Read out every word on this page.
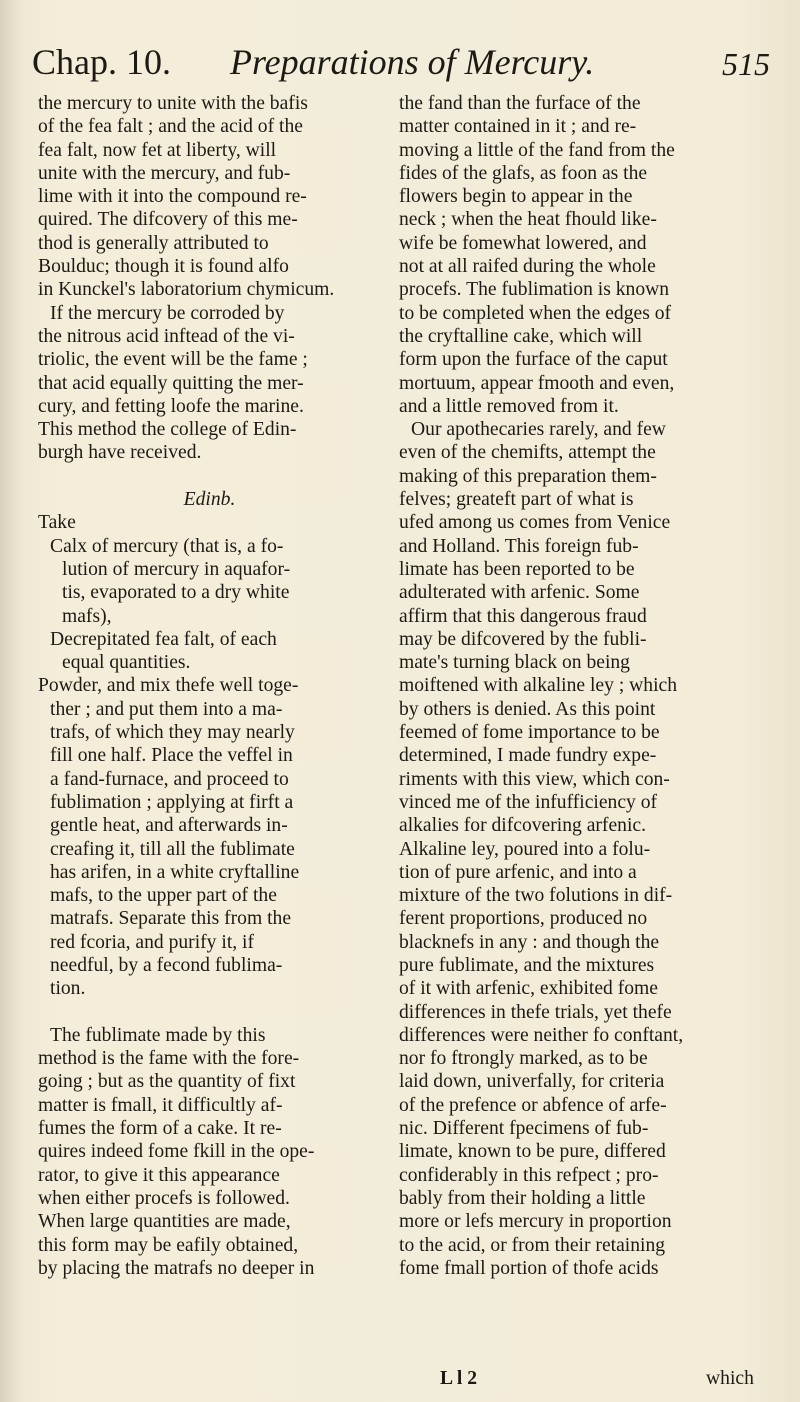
Chap. 10. Preparations of Mercury.	515
the mercury to unite with the bafis
of the fea falt ; and the acid of the
fea falt, now fet at liberty, will
unite with the mercury, and fub-
lime with it into the compound re-
quired. The difcovery of this me-
thod is generally attributed to
Boulduc; though it is found alfo
in Kunckel's laboratorium chymicum.
If the mercury be corroded by
the nitrous acid inftead of the vi-
triolic, the event will be the fame ;
that acid equally quitting the mer-
cury, and fetting loofe the marine.
This method the college of Edin-
burgh have received.
Edinb.
Take
Calx of mercury (that is, a fo-
lution of mercury in aquafor-
tis, evaporated to a dry white
mafs),
Decrepitated fea falt, of each
equal quantities.
Powder, and mix thefe well toge-
ther ; and put them into a ma-
trafs, of which they may nearly
fill one half. Place the veffel in
a fand-furnace, and proceed to
fublimation ; applying at firft a
gentle heat, and afterwards in-
creafing it, till all the fublimate
has arifen, in a white cryftalline
mafs, to the upper part of the
matrafs. Separate this from the
red fcoria, and purify it, if
needful, by a fecond fublima-
tion.
The fublimate made by this
method is the fame with the fore-
going ; but as the quantity of fixt
matter is fmall, it difficultly af-
fumes the form of a cake. It re-
quires indeed fome fkill in the ope-
rator, to give it this appearance
when either procefs is followed.
When large quantities are made,
this form may be eafily obtained,
by placing the matrafs no deeper in
the fand than the furface of the
matter contained in it ; and re-
moving a little of the fand from the
fides of the glafs, as foon as the
flowers begin to appear in the
neck ; when the heat fhould like-
wife be fomewhat lowered, and
not at all raifed during the whole
procefs. The fublimation is known
to be completed when the edges of
the cryftalline cake, which will
form upon the furface of the caput
mortuum, appear fmooth and even,
and a little removed from it.
Our apothecaries rarely, and few
even of the chemifts, attempt the
making of this preparation them-
felves; greateft part of what is
ufed among us comes from Venice
and Holland. This foreign fub-
limate has been reported to be
adulterated with arfenic. Some
affirm that this dangerous fraud
may be difcovered by the fubli-
mate's turning black on being
moiftened with alkaline ley ; which
by others is denied. As this point
feemed of fome importance to be
determined, I made fundry expe-
riments with this view, which con-
vinced me of the infufficiency of
alkalies for difcovering arfenic.
Alkaline ley, poured into a folu-
tion of pure arfenic, and into a
mixture of the two folutions in dif-
ferent proportions, produced no
blacknefs in any : and though the
pure fublimate, and the mixtures
of it with arfenic, exhibited fome
differences in thefe trials, yet thefe
differences were neither fo conftant,
nor fo ftrongly marked, as to be
laid down, univerfally, for criteria
of the prefence or abfence of arfe-
nic. Different fpecimens of fub-
limate, known to be pure, differed
confiderably in this refpect ; pro-
bably from their holding a little
more or lefs mercury in proportion
to the acid, or from their retaining
fome fmall portion of thofe acids
L l 2	which
